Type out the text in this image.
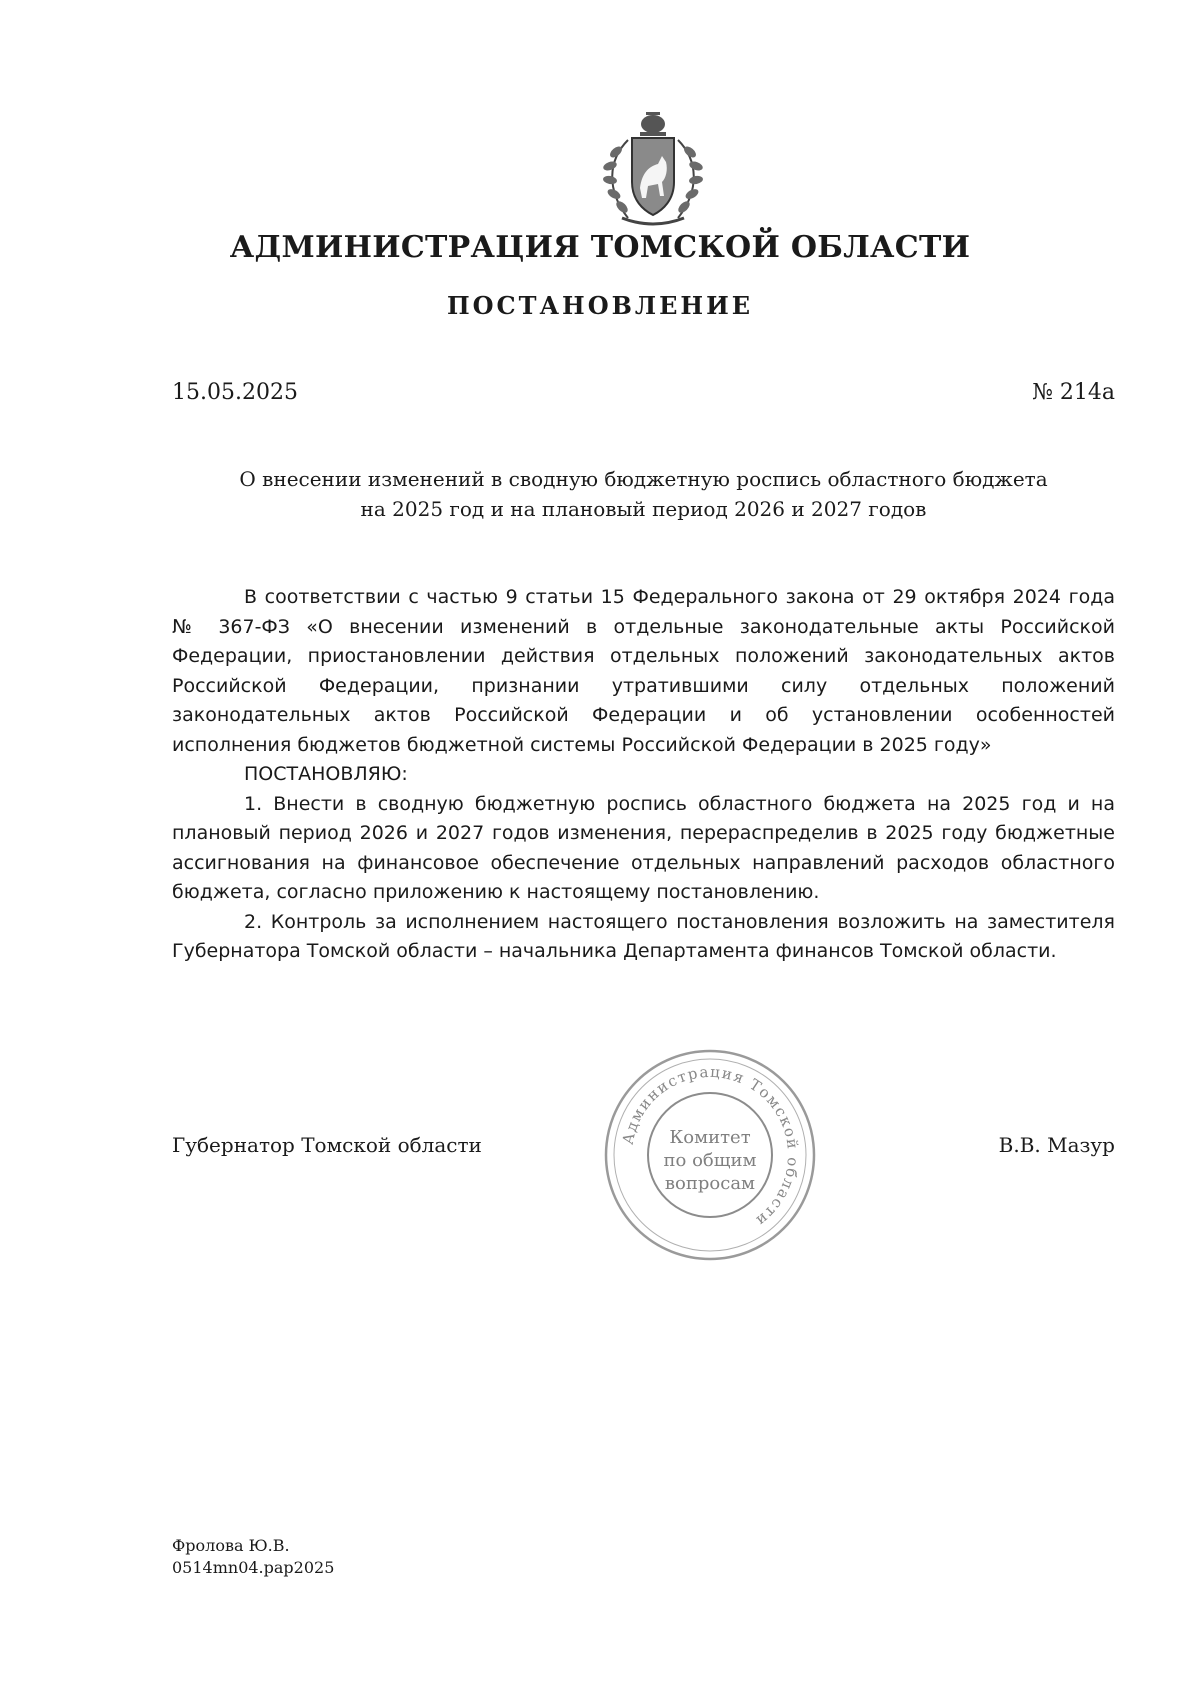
АДМИНИСТРАЦИЯ ТОМСКОЙ ОБЛАСТИ
ПОСТАНОВЛЕНИЕ
15.05.2025	№ 214а
О внесении изменений в сводную бюджетную роспись областного бюджета
на 2025 год и на плановый период 2026 и 2027 годов

В соответствии с частью 9 статьи 15 Федерального закона от 29 октября 2024 года № 367-ФЗ «О внесении изменений в отдельные законодательные акты Российской Федерации, приостановлении действия отдельных положений законодательных актов Российской Федерации, признании утратившими силу отдельных положений законодательных актов Российской Федерации и об установлении особенностей исполнения бюджетов бюджетной системы Российской Федерации в 2025 году»

ПОСТАНОВЛЯЮ:

1. Внести в сводную бюджетную роспись областного бюджета на 2025 год и на плановый период 2026 и 2027 годов изменения, перераспределив в 2025 году бюджетные ассигнования на финансовое обеспечение отдельных направлений расходов областного бюджета, согласно приложению к настоящему постановлению.

2. Контроль за исполнением настоящего постановления возложить на заместителя Губернатора Томской области – начальника Департамента финансов Томской области.

Губернатор Томской области	В.В. Мазур
Администрация Томской области
Комитет
по общим
вопросам
Фролова Ю.В.
0514mn04.pap2025
